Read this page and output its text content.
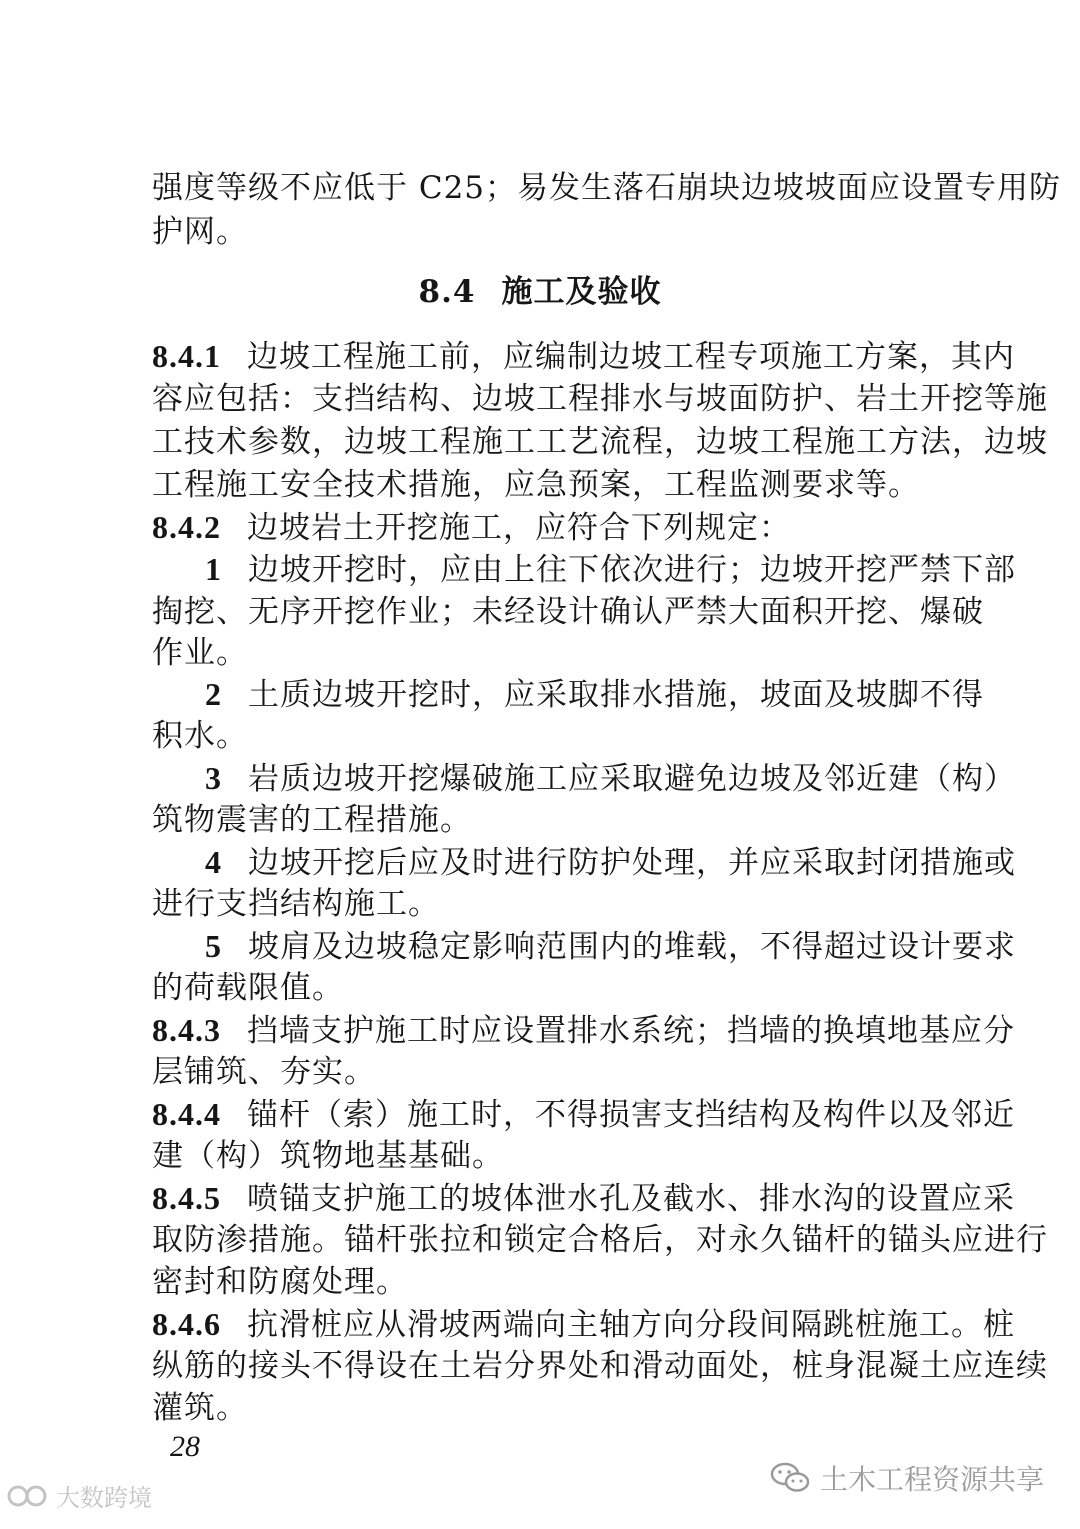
强度等级不应低于 C25；易发生落石崩块边坡坡面应设置专用防
护网。
8.4 施工及验收
8.4.1 边坡工程施工前，应编制边坡工程专项施工方案，其内
容应包括：支挡结构、边坡工程排水与坡面防护、岩土开挖等施
工技术参数，边坡工程施工工艺流程，边坡工程施工方法，边坡
工程施工安全技术措施，应急预案，工程监测要求等。
8.4.2 边坡岩土开挖施工，应符合下列规定：
1 边坡开挖时，应由上往下依次进行；边坡开挖严禁下部
掏挖、无序开挖作业；未经设计确认严禁大面积开挖、爆破
作业。
2 土质边坡开挖时，应采取排水措施，坡面及坡脚不得
积水。
3 岩质边坡开挖爆破施工应采取避免边坡及邻近建（构）
筑物震害的工程措施。
4 边坡开挖后应及时进行防护处理，并应采取封闭措施或
进行支挡结构施工。
5 坡肩及边坡稳定影响范围内的堆载，不得超过设计要求
的荷载限值。
8.4.3 挡墙支护施工时应设置排水系统；挡墙的换填地基应分
层铺筑、夯实。
8.4.4 锚杆（索）施工时，不得损害支挡结构及构件以及邻近
建（构）筑物地基基础。
8.4.5 喷锚支护施工的坡体泄水孔及截水、排水沟的设置应采
取防渗措施。锚杆张拉和锁定合格后，对永久锚杆的锚头应进行
密封和防腐处理。
8.4.6 抗滑桩应从滑坡两端向主轴方向分段间隔跳桩施工。桩
纵筋的接头不得设在土岩分界处和滑动面处，桩身混凝土应连续
灌筑。
28
大数跨境
土木工程资源共享
